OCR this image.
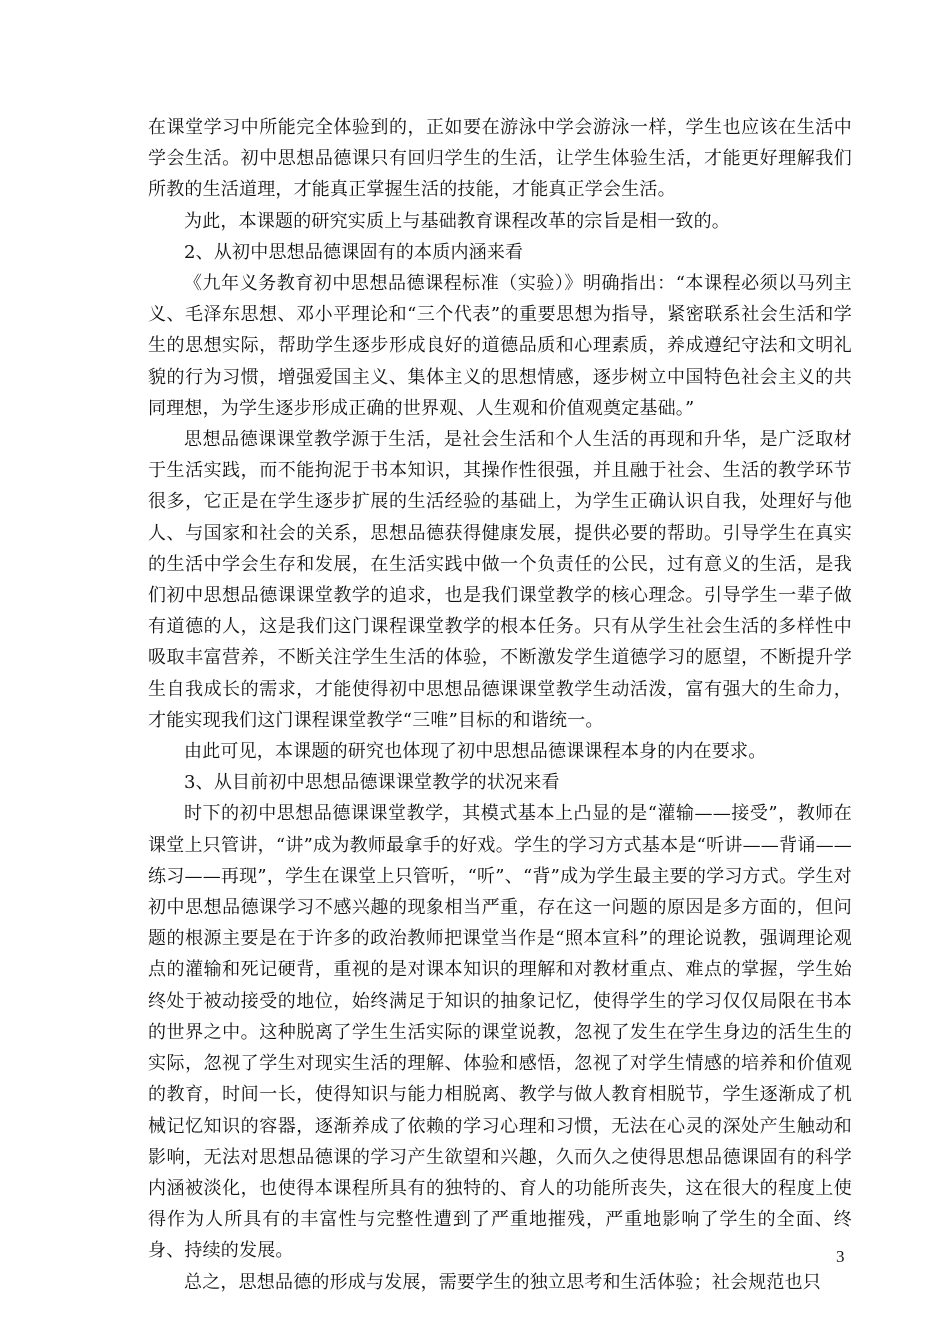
在课堂学习中所能完全体验到的，正如要在游泳中学会游泳一样，学生也应该在生活中学会生活。初中思想品德课只有回归学生的生活，让学生体验生活，才能更好理解我们所教的生活道理，才能真正掌握生活的技能，才能真正学会生活。

为此，本课题的研究实质上与基础教育课程改革的宗旨是相一致的。

2、从初中思想品德课固有的本质内涵来看

《九年义务教育初中思想品德课程标准（实验）》明确指出：“本课程必须以马列主义、毛泽东思想、邓小平理论和“三个代表”的重要思想为指导，紧密联系社会生活和学生的思想实际，帮助学生逐步形成良好的道德品质和心理素质，养成遵纪守法和文明礼貌的行为习惯，增强爱国主义、集体主义的思想情感，逐步树立中国特色社会主义的共同理想，为学生逐步形成正确的世界观、人生观和价值观奠定基础。”

思想品德课课堂教学源于生活，是社会生活和个人生活的再现和升华，是广泛取材于生活实践，而不能拘泥于书本知识，其操作性很强，并且融于社会、生活的教学环节很多，它正是在学生逐步扩展的生活经验的基础上，为学生正确认识自我，处理好与他人、与国家和社会的关系，思想品德获得健康发展，提供必要的帮助。引导学生在真实的生活中学会生存和发展，在生活实践中做一个负责任的公民，过有意义的生活，是我们初中思想品德课课堂教学的追求，也是我们课堂教学的核心理念。引导学生一辈子做有道德的人，这是我们这门课程课堂教学的根本任务。只有从学生社会生活的多样性中吸取丰富营养，不断关注学生生活的体验，不断激发学生道德学习的愿望，不断提升学生自我成长的需求，才能使得初中思想品德课课堂教学生动活泼，富有强大的生命力，才能实现我们这门课程课堂教学“三唯”目标的和谐统一。

由此可见，本课题的研究也体现了初中思想品德课课程本身的内在要求。

3、从目前初中思想品德课课堂教学的状况来看

时下的初中思想品德课课堂教学，其模式基本上凸显的是“灌输——接受”，教师在课堂上只管讲，“讲”成为教师最拿手的好戏。学生的学习方式基本是“听讲——背诵——练习——再现”，学生在课堂上只管听，“听”、“背”成为学生最主要的学习方式。学生对初中思想品德课学习不感兴趣的现象相当严重，存在这一问题的原因是多方面的，但问题的根源主要是在于许多的政治教师把课堂当作是“照本宣科”的理论说教，强调理论观点的灌输和死记硬背，重视的是对课本知识的理解和对教材重点、难点的掌握，学生始终处于被动接受的地位，始终满足于知识的抽象记忆，使得学生的学习仅仅局限在书本的世界之中。这种脱离了学生生活实际的课堂说教，忽视了发生在学生身边的活生生的实际，忽视了学生对现实生活的理解、体验和感悟，忽视了对学生情感的培养和价值观的教育，时间一长，使得知识与能力相脱离、教学与做人教育相脱节，学生逐渐成了机械记忆知识的容器，逐渐养成了依赖的学习心理和习惯，无法在心灵的深处产生触动和影响，无法对思想品德课的学习产生欲望和兴趣，久而久之使得思想品德课固有的科学内涵被淡化，也使得本课程所具有的独特的、育人的功能所丧失，这在很大的程度上使得作为人所具有的丰富性与完整性遭到了严重地摧残，严重地影响了学生的全面、终身、持续的发展。

总之，思想品德的形成与发展，需要学生的独立思考和生活体验；社会规范也只

3
